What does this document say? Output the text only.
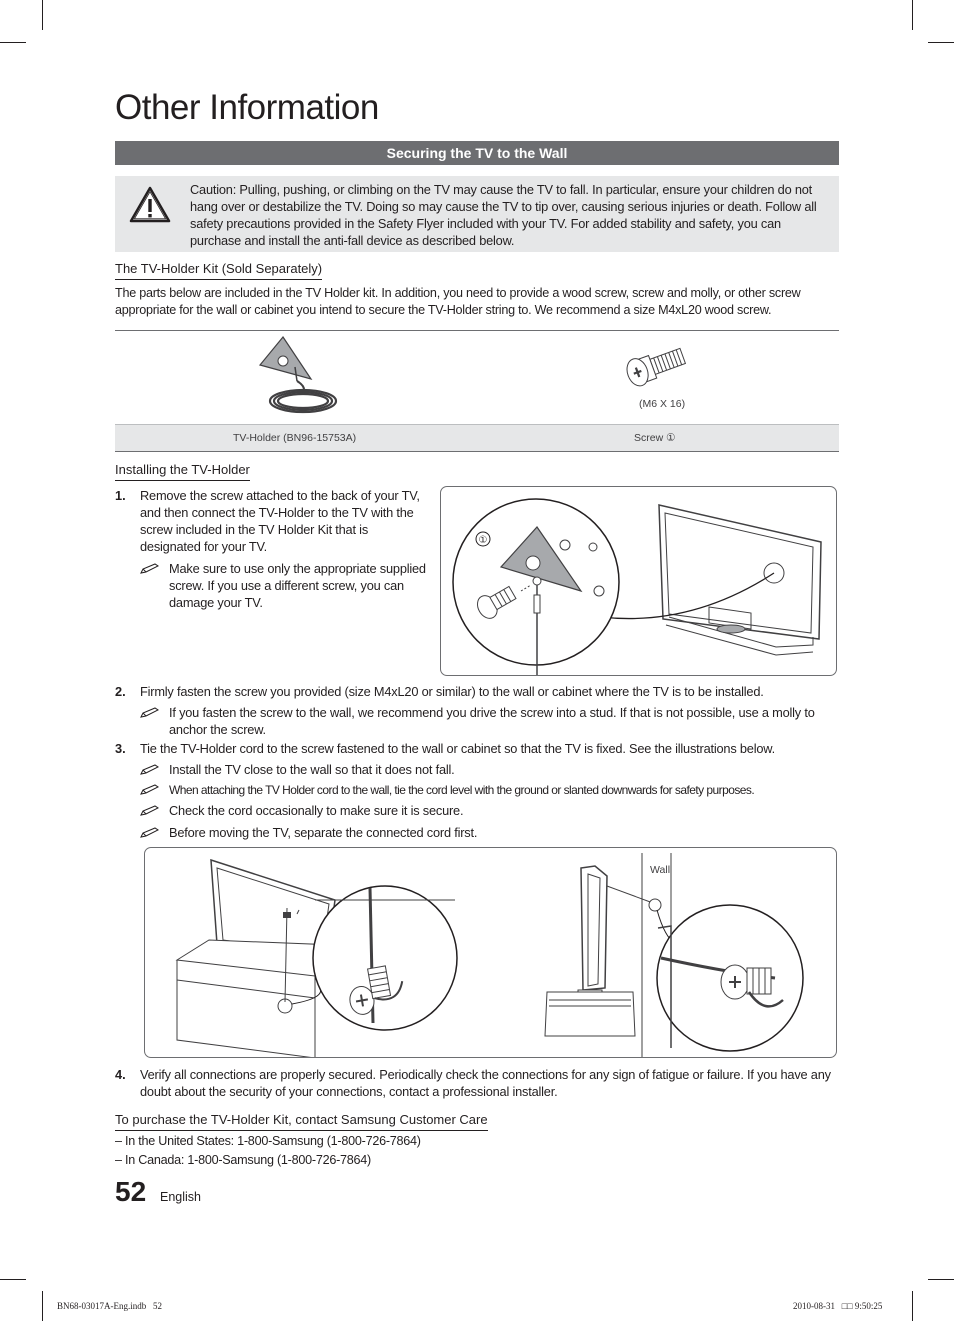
Other Information
Securing the TV to the Wall
Caution: Pulling, pushing, or climbing on the TV may cause the TV to fall. In particular, ensure your children do not hang over or destabilize the TV. Doing so may cause the TV to tip over, causing serious injuries or death. Follow all safety precautions provided in the Safety Flyer included with your TV. For added stability and safety, you can purchase and install the anti-fall device as described below.
The TV-Holder Kit (Sold Separately)
The parts below are included in the TV Holder kit. In addition, you need to provide a wood screw, screw and molly, or other screw appropriate for the wall or cabinet you intend to secure the TV-Holder string to. We recommend a size M4xL20 wood screw.
(M6 X 16)
TV-Holder (BN96-15753A)	Screw ①
Installing the TV-Holder
1. Remove the screw attached to the back of your TV, and then connect the TV-Holder to the TV with the screw included in the TV Holder Kit that is designated for your TV.
Make sure to use only the appropriate supplied screw. If you use a different screw, you can damage your TV.
①
2. Firmly fasten the screw you provided (size M4xL20 or similar) to the wall or cabinet where the TV is to be installed.
If you fasten the screw to the wall, we recommend you drive the screw into a stud. If that is not possible, use a molly to anchor the screw.
3. Tie the TV-Holder cord to the screw fastened to the wall or cabinet so that the TV is fixed. See the illustrations below.
Install the TV close to the wall so that it does not fall.
When attaching the TV Holder cord to the wall, tie the cord level with the ground or slanted downwards for safety purposes.
Check the cord occasionally to make sure it is secure.
Before moving the TV, separate the connected cord first.
Wall
4. Verify all connections are properly secured. Periodically check the connections for any sign of fatigue or failure. If you have any doubt about the security of your connections, contact a professional installer.
To purchase the TV-Holder Kit, contact Samsung Customer Care
– In the United States: 1-800-Samsung (1-800-726-7864)
– In Canada: 1-800-Samsung (1-800-726-7864)
52 English
BN68-03017A-Eng.indb   52	2010-08-31   □□ 9:50:25
